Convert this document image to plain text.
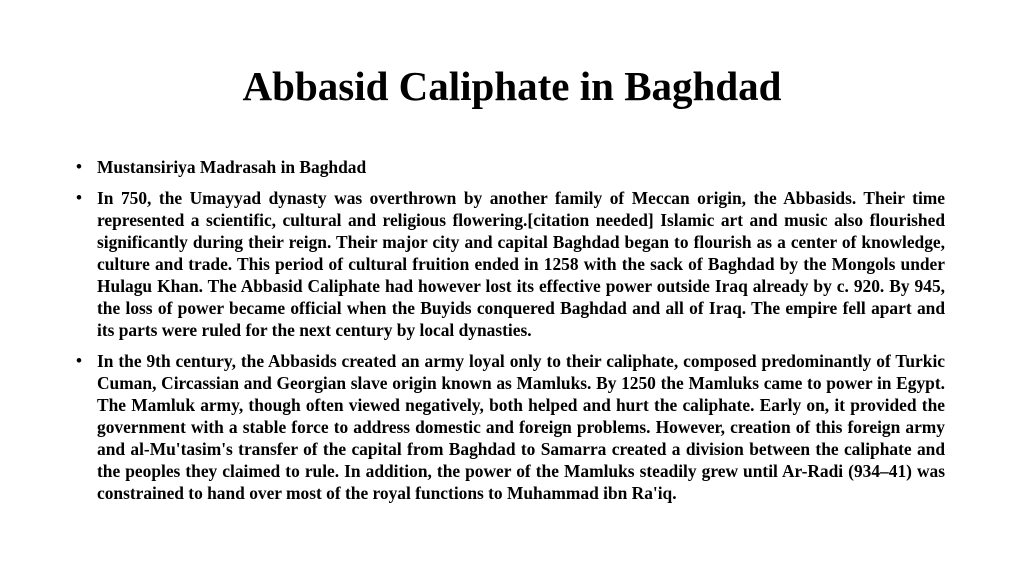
Abbasid Caliphate in Baghdad
• Mustansiriya Madrasah in Baghdad
• In 750, the Umayyad dynasty was overthrown by another family of Meccan origin, the Abbasids. Their time represented a scientific, cultural and religious flowering.[citation needed] Islamic art and music also flourished significantly during their reign. Their major city and capital Baghdad began to flourish as a center of knowledge, culture and trade. This period of cultural fruition ended in 1258 with the sack of Baghdad by the Mongols under Hulagu Khan. The Abbasid Caliphate had however lost its effective power outside Iraq already by c. 920. By 945, the loss of power became official when the Buyids conquered Baghdad and all of Iraq. The empire fell apart and its parts were ruled for the next century by local dynasties.
• In the 9th century, the Abbasids created an army loyal only to their caliphate, composed predominantly of Turkic Cuman, Circassian and Georgian slave origin known as Mamluks. By 1250 the Mamluks came to power in Egypt. The Mamluk army, though often viewed negatively, both helped and hurt the caliphate. Early on, it provided the government with a stable force to address domestic and foreign problems. However, creation of this foreign army and al-Mu'tasim's transfer of the capital from Baghdad to Samarra created a division between the caliphate and the peoples they claimed to rule. In addition, the power of the Mamluks steadily grew until Ar-Radi (934–41) was constrained to hand over most of the royal functions to Muhammad ibn Ra'iq.
